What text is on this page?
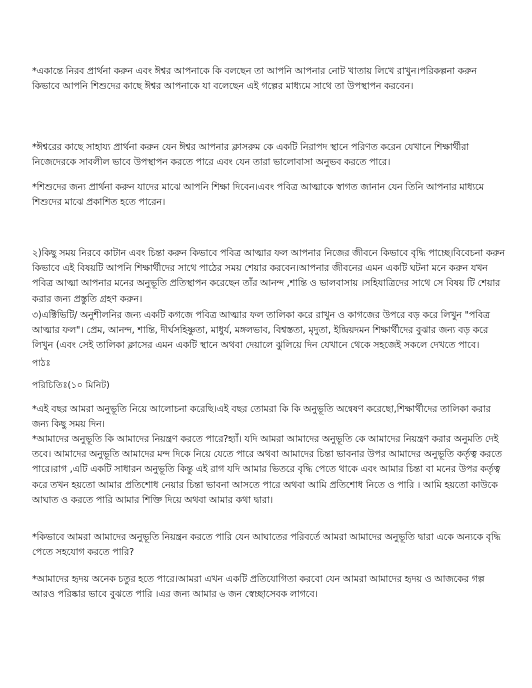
*একান্তে নিরব প্রার্থনা করুন এবং ঈশ্বর আপনাকে কি বলছেন তা আপনি আপনার নোট খাতায় লিখে রাখুন।পরিকল্পনা করুন কিভাবে আপনি শিশুদের কাছে ঈশ্বর আপনাকে যা বলেছেন এই গল্পের মাধ্যমে সাথে তা উপস্থাপন করবেন।

*ঈশ্বরের কাছে সাহায্য প্রার্থনা করুন যেন ঈশ্বর আপনার ক্লাসরুম কে একটি নিরাপদ স্থানে পরিণত করেন যেখানে শিক্ষার্থীরা নিজেদেরকে সাবলীল ভাবে উপস্থাপন করতে পারে এবং যেন তারা ভালোবাসা অনুভব করতে পারে।

*শিশুদের জন্য প্রার্থনা করুন যাদের মাঝে আপনি শিক্ষা দিবেন।এবং পবিত্র আত্মাকে স্বাগত জানান যেন তিনি আপনার মাধ্যমে শিশুদের মাঝে প্রকাশিত হতে পারেন।

২)কিছু সময় নিরবে কাটান এবং চিন্তা করুন কিভাবে পবিত্র আত্মার ফল আপনার নিজের জীবনে কিভাবে বৃদ্ধি পাচ্ছে।বিবেচনা করুন কিভাবে এই বিষয়টি আপনি শিক্ষার্থীদের সাথে পাঠের সময় শেয়ার করবেন।আপনার জীবনের এমন একটি ঘটনা মনে করুন যখন পবিত্র আত্মা আপনার মনের অনুভূতি প্রতিস্থাপন করেছেন তাঁর আনন্দ ,শান্তি ও ভালবাসায় ।সহিযাত্রিদের সাথে সে বিষয় টি শেয়ার করার জন্য প্রস্তুতি গ্রহণ করুন।

৩)এক্টিভিটি/ অনুশীলনির জন্য একটি কগজে পবিত্র আত্মার ফল তালিকা করে রাখুন ও কাগজের উপরে বড় করে লিখুন "পবিত্র আত্মার ফল"। প্রেম, আনন্দ, শান্তি, দীর্ঘসহিষ্ণুতা, মাধুর্য, মঙ্গলভাব, বিশ্বস্ততা, মৃদুতা, ইন্দ্রিয়দমন শিক্ষার্থীদের বুঝার জন্য বড় করে লিখুন (এবং সেই তালিকা ক্লাসের এমন একটি স্থানে অথবা দেয়ালে ঝুলিয়ে দিন যেখানে থেকে সহজেই সকলে দেখতে পাবে।

পাঠঃ

পরিচিতিঃ(১০ মিনিট)

*এই বছর আমরা অনুভূতি নিয়ে আলোচনা করেছি।এই বছর তোমরা কি কি অনুভূতি অন্বেষণ করেছো,শিক্ষার্থীদের তালিকা করার জন্য কিছু সময় দিন।

*আমাদের অনুভূতি কি আমাদের নিয়ন্ত্রণ করতে পারে?হ্যাঁ। যদি আমরা আমাদের অনুভূতি কে আমাদের নিয়ন্ত্রণ করার অনুমতি দেই তবে। আমাদের অনুভূতি আমাদের মন্দ দিকে নিয়ে যেতে পারে অথবা আমাদের চিন্তা ভাবনার উপর আমাদের অনুভূতি কর্তৃত্ব করতে পারে।রাগ ,এটি একটি সাধারন অনুভূতি কিন্তু এই রাগ যদি আমার ভিতরে বৃদ্ধি পেতে থাকে এবং আমার চিন্তা বা মনের উপর কর্তৃত্ব করে তখন হয়তো আমার প্রতিশোধ নেয়ার চিন্তা ভাবনা আসতে পারে অথবা আমি প্রতিশোধ নিতে ও পারি । আমি হয়তো কাউকে আঘাত ও করতে পারি আমার শিক্তি দিয়ে অথবা আমার কথা দ্বারা।

*কিভাবে আমরা আমাদের অনুভূতি নিয়ন্ত্রন করতে পারি যেন আঘাতের পরিবর্তে আমরা আমাদের অনুভূতি দ্বারা একে অন্যকে বৃদ্ধি পেতে সহযোগ করতে পারি?

*আমাদের হৃদয় অনেক চতুর হতে পারে।আমরা এখন একটি প্রতিযোগিতা করবো যেন আমরা আমাদের হৃদয় ও আজকের গল্প আরও পরিষ্কার ভাবে বুঝতে পারি ।এর জন্য আমার ৬ জন স্বেচ্ছাসেবক লাগবে।
